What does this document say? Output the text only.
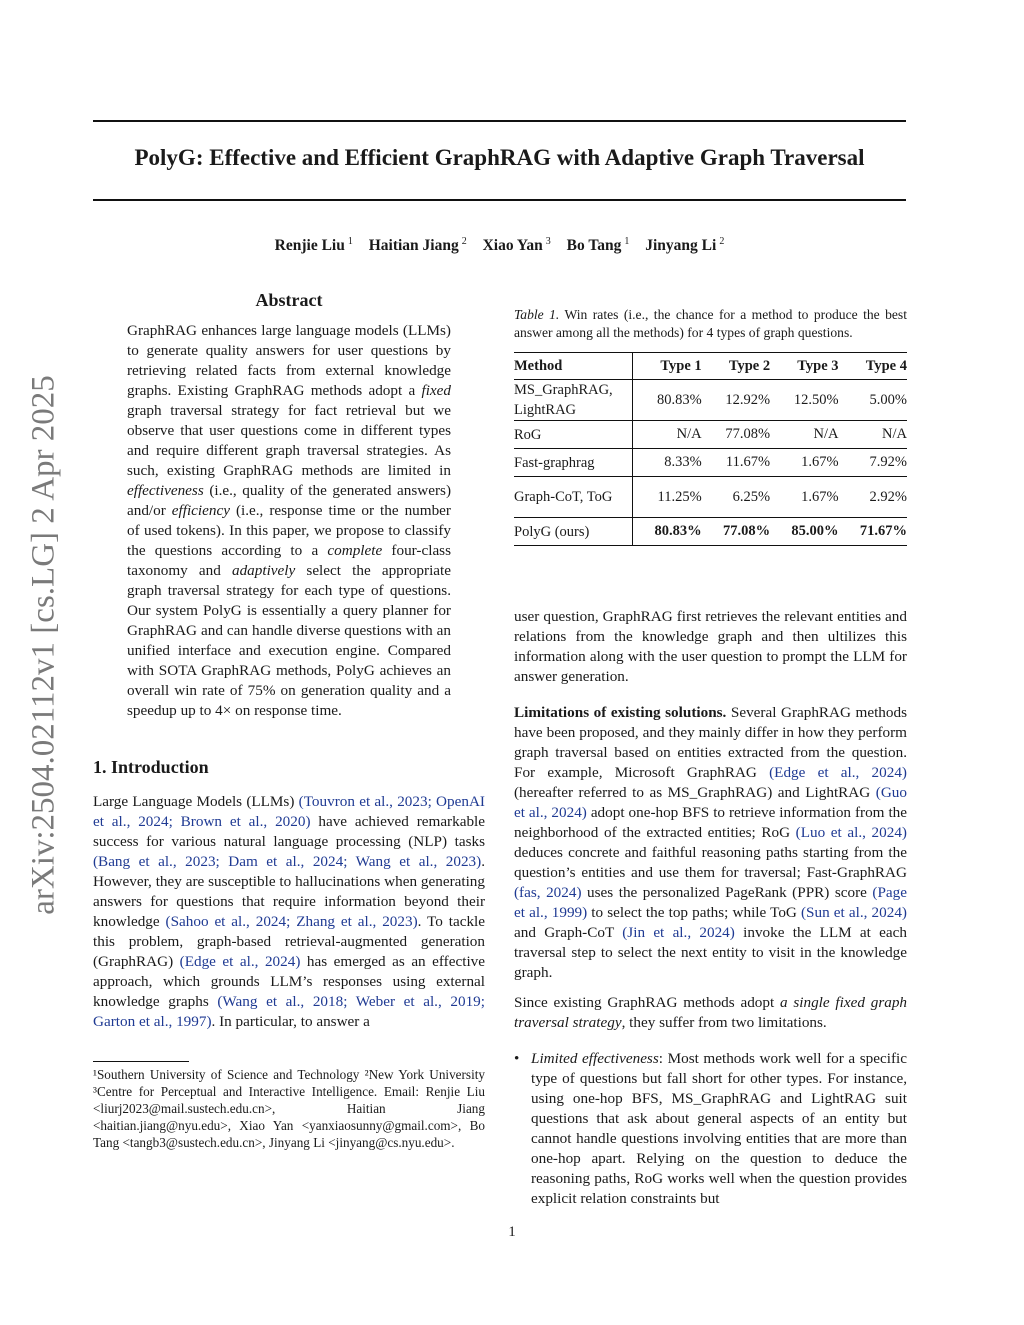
PolyG: Effective and Efficient GraphRAG with Adaptive Graph Traversal
Renjie Liu $^1$ Haitian Jiang $^2$ Xiao Yan $^3$ Bo Tang $^1$ Jinyang Li $^2$
arXiv:2504.02112v1 [cs.LG] 2 Apr 2025
Abstract

GraphRAG enhances large language models (LLMs) to generate quality answers for user questions by retrieving related facts from external knowledge graphs. Existing GraphRAG methods adopt a fixed graph traversal strategy for fact retrieval but we observe that user questions come in different types and require different graph traversal strategies. As such, existing GraphRAG methods are limited in effectiveness (i.e., quality of the generated answers) and/or efficiency (i.e., response time or the number of used tokens). In this paper, we propose to classify the questions according to a complete four-class taxonomy and adaptively select the appropriate graph traversal strategy for each type of questions. Our system PolyG is essentially a query planner for GraphRAG and can handle diverse questions with an unified interface and execution engine. Compared with SOTA GraphRAG methods, PolyG achieves an overall win rate of 75% on generation quality and a speedup up to 4× on response time.

1. Introduction

Large Language Models (LLMs) (Touvron et al., 2023; OpenAI et al., 2024; Brown et al., 2020) have achieved remarkable success for various natural language processing (NLP) tasks (Bang et al., 2023; Dam et al., 2024; Wang et al., 2023). However, they are susceptible to hallucinations when generating answers for questions that require information beyond their knowledge (Sahoo et al., 2024; Zhang et al., 2023). To tackle this problem, graph-based retrieval-augmented generation (GraphRAG) (Edge et al., 2024) has emerged as an effective approach, which grounds LLM’s responses using external knowledge graphs (Wang et al., 2018; Weber et al., 2019; Garton et al., 1997). In particular, to answer a

¹Southern University of Science and Technology ²New York University ³Centre for Perceptual and Interactive Intelligence. Email: Renjie Liu <liurj2023@mail.sustech.edu.cn>, Haitian Jiang <haitian.jiang@nyu.edu>, Xiao Yan <yanxiaosunny@gmail.com>, Bo Tang <tangb3@sustech.edu.cn>, Jinyang Li <jinyang@cs.nyu.edu>.
Table 1. Win rates (i.e., the chance for a method to produce the best answer among all the methods) for 4 types of graph questions.
Method	Type 1	Type 2	Type 3	Type 4
MS_GraphRAG, LightRAG	80.83%	12.92%	12.50%	5.00%
RoG	N/A	77.08%	N/A	N/A
Fast-graphrag	8.33%	11.67%	1.67%	7.92%
Graph-CoT, ToG	11.25%	6.25%	1.67%	2.92%
PolyG (ours)	80.83%	77.08%	85.00%	71.67%

user question, GraphRAG first retrieves the relevant entities and relations from the knowledge graph and then ultilizes this information along with the user question to prompt the LLM for answer generation.

Limitations of existing solutions. Several GraphRAG methods have been proposed, and they mainly differ in how they perform graph traversal based on entities extracted from the question. For example, Microsoft GraphRAG (Edge et al., 2024) (hereafter referred to as MS_GraphRAG) and LightRAG (Guo et al., 2024) adopt one-hop BFS to retrieve information from the neighborhood of the extracted entities; RoG (Luo et al., 2024) deduces concrete and faithful reasoning paths starting from the question’s entities and use them for traversal; Fast-GraphRAG (fas, 2024) uses the personalized PageRank (PPR) score (Page et al., 1999) to select the top paths; while ToG (Sun et al., 2024) and Graph-CoT (Jin et al., 2024) invoke the LLM at each traversal step to select the next entity to visit in the knowledge graph.

Since existing GraphRAG methods adopt a single fixed graph traversal strategy, they suffer from two limitations.

• Limited effectiveness: Most methods work well for a specific type of questions but fall short for other types. For instance, using one-hop BFS, MS_GraphRAG and LightRAG suit questions that ask about general aspects of an entity but cannot handle questions involving entities that are more than one-hop apart. Relying on the question to deduce the reasoning paths, RoG works well when the question provides explicit relation constraints but
1
